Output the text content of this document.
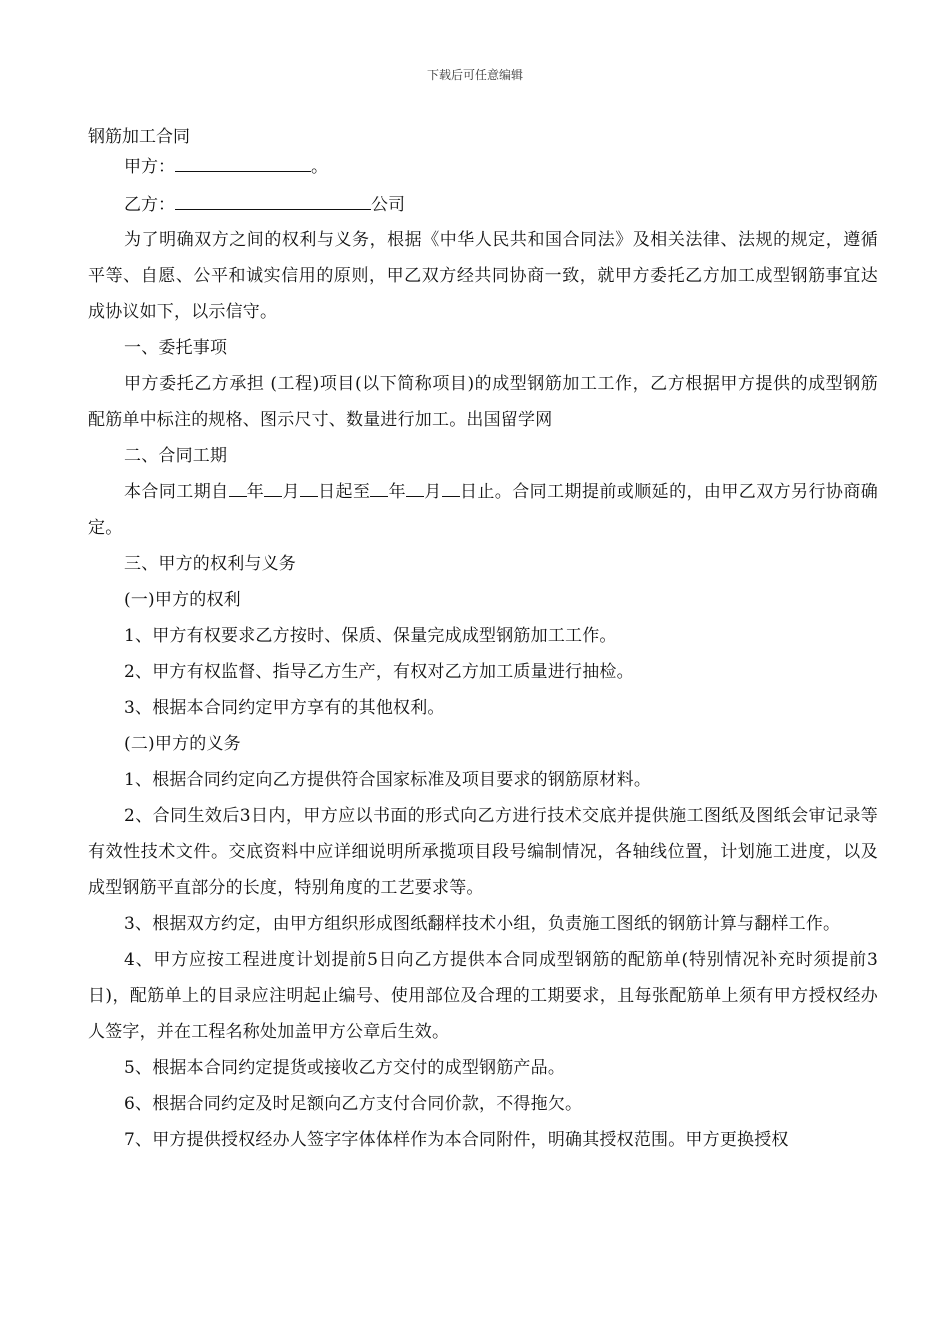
下载后可任意编辑

钢筋加工合同

甲方：	。

乙方：	公司

为了明确双方之间的权利与义务，根据《中华人民共和国合同法》及相关法律、法规的规定，遵循平等、自愿、公平和诚实信用的原则，甲乙双方经共同协商一致，就甲方委托乙方加工成型钢筋事宜达成协议如下，以示信守。

一、委托事项

甲方委托乙方承担 (工程)项目(以下简称项目)的成型钢筋加工工作，乙方根据甲方提供的成型钢筋配筋单中标注的规格、图示尺寸、数量进行加工。出国留学网

二、合同工期

本合同工期自 年 月 日起至 年 月 日止。合同工期提前或顺延的，由甲乙双方另行协商确定。

三、甲方的权利与义务

(一)甲方的权利

1、甲方有权要求乙方按时、保质、保量完成成型钢筋加工工作。

2、甲方有权监督、指导乙方生产，有权对乙方加工质量进行抽检。

3、根据本合同约定甲方享有的其他权利。

(二)甲方的义务

1、根据合同约定向乙方提供符合国家标准及项目要求的钢筋原材料。

2、合同生效后3日内，甲方应以书面的形式向乙方进行技术交底并提供施工图纸及图纸会审记录等有效性技术文件。交底资料中应详细说明所承揽项目段号编制情况，各轴线位置，计划施工进度，以及成型钢筋平直部分的长度，特别角度的工艺要求等。

3、根据双方约定，由甲方组织形成图纸翻样技术小组，负责施工图纸的钢筋计算与翻样工作。

4、甲方应按工程进度计划提前5日向乙方提供本合同成型钢筋的配筋单(特别情况补充时须提前3日)，配筋单上的目录应注明起止编号、使用部位及合理的工期要求，且每张配筋单上须有甲方授权经办人签字，并在工程名称处加盖甲方公章后生效。

5、根据本合同约定提货或接收乙方交付的成型钢筋产品。

6、根据合同约定及时足额向乙方支付合同价款，不得拖欠。

7、甲方提供授权经办人签字字体体样作为本合同附件，明确其授权范围。甲方更换授权
